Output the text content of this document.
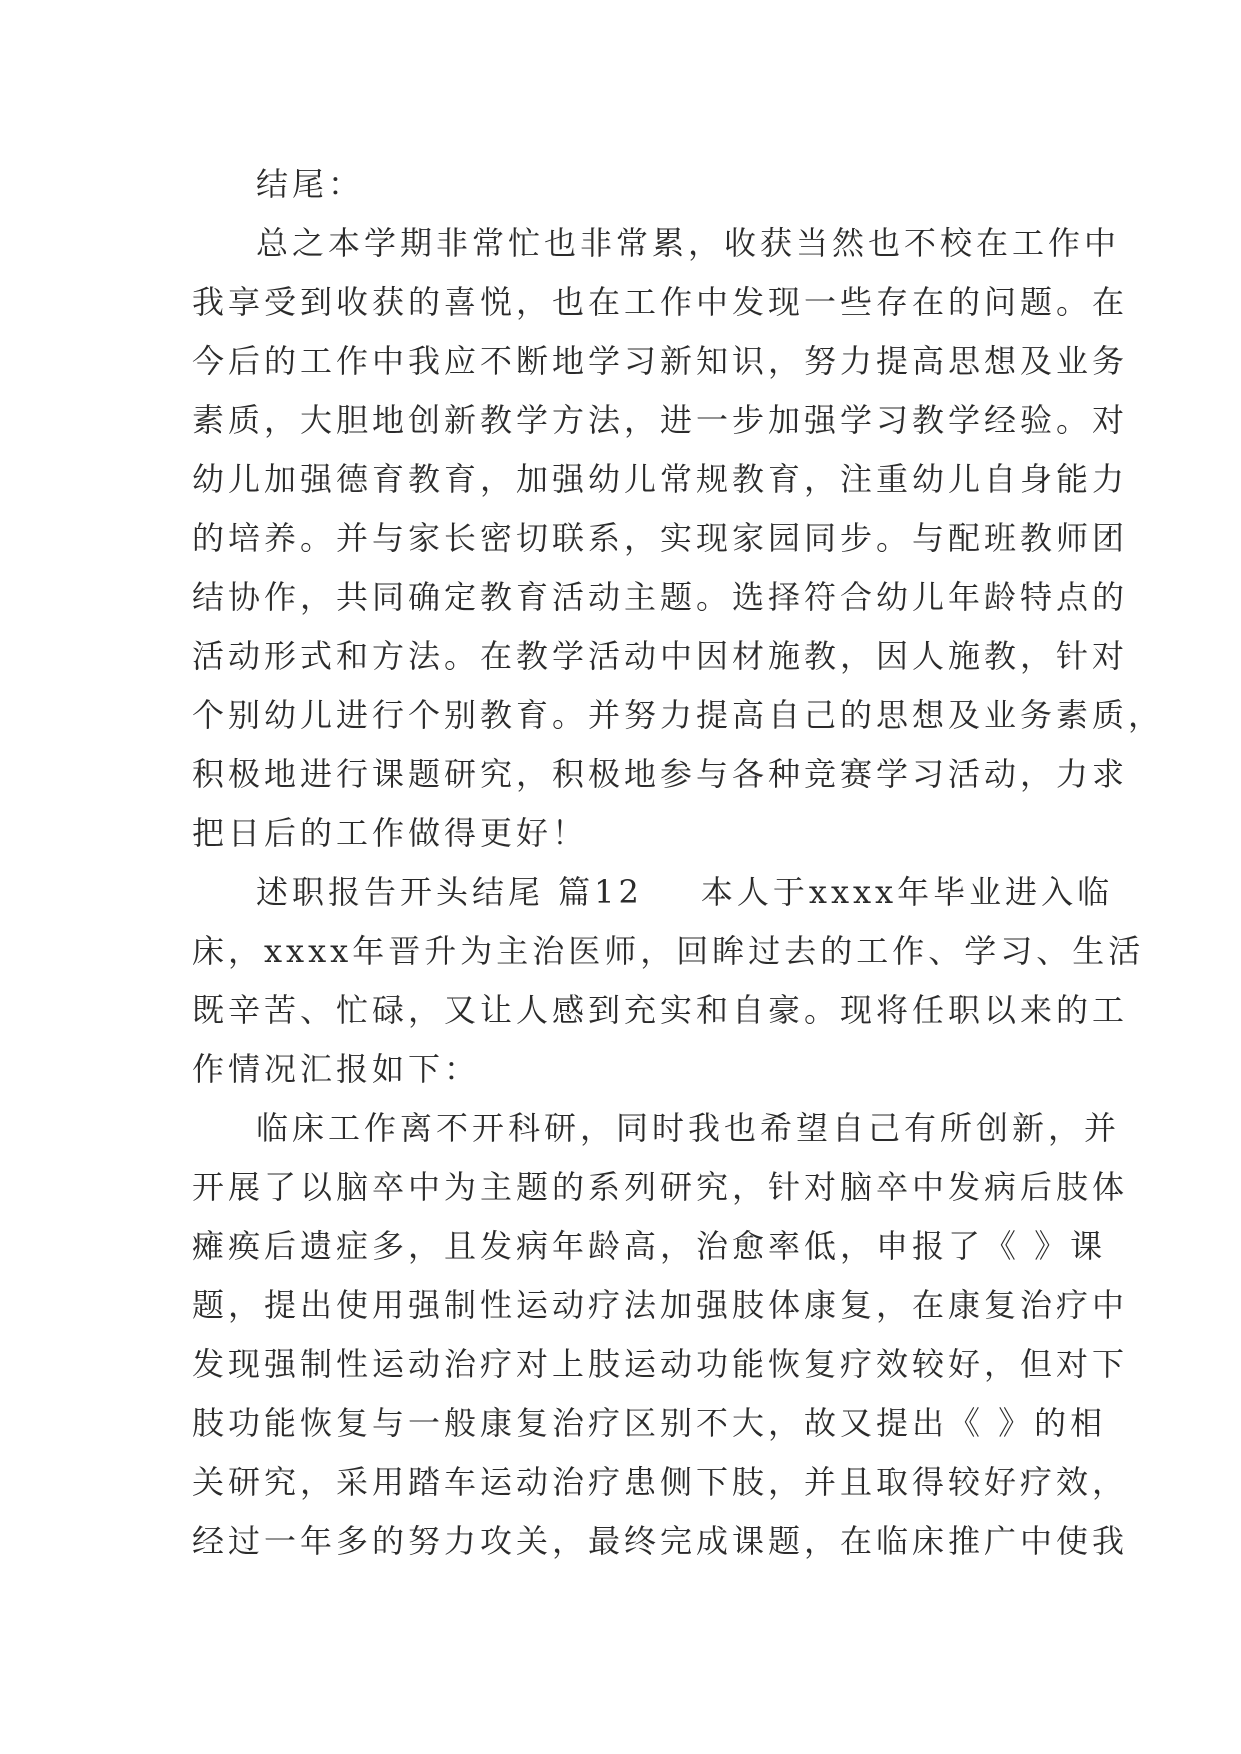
结尾：
总之本学期非常忙也非常累，收获当然也不校在工作中
我享受到收获的喜悦，也在工作中发现一些存在的问题。在
今后的工作中我应不断地学习新知识，努力提高思想及业务
素质，大胆地创新教学方法，进一步加强学习教学经验。对
幼儿加强德育教育，加强幼儿常规教育，注重幼儿自身能力
的培养。并与家长密切联系，实现家园同步。与配班教师团
结协作，共同确定教育活动主题。选择符合幼儿年龄特点的
活动形式和方法。在教学活动中因材施教，因人施教，针对
个别幼儿进行个别教育。并努力提高自己的思想及业务素质，
积极地进行课题研究，积极地参与各种竞赛学习活动，力求
把日后的工作做得更好！
述职报告开头结尾 篇12 本人于xxxx年毕业进入临
床，xxxx年晋升为主治医师，回眸过去的工作、学习、生活
既辛苦、忙碌，又让人感到充实和自豪。现将任职以来的工
作情况汇报如下：
临床工作离不开科研，同时我也希望自己有所创新，并
开展了以脑卒中为主题的系列研究，针对脑卒中发病后肢体
瘫痪后遗症多，且发病年龄高，治愈率低，申报了《 》课
题，提出使用强制性运动疗法加强肢体康复，在康复治疗中
发现强制性运动治疗对上肢运动功能恢复疗效较好，但对下
肢功能恢复与一般康复治疗区别不大，故又提出《 》的相
关研究，采用踏车运动治疗患侧下肢，并且取得较好疗效，
经过一年多的努力攻关，最终完成课题，在临床推广中使我
